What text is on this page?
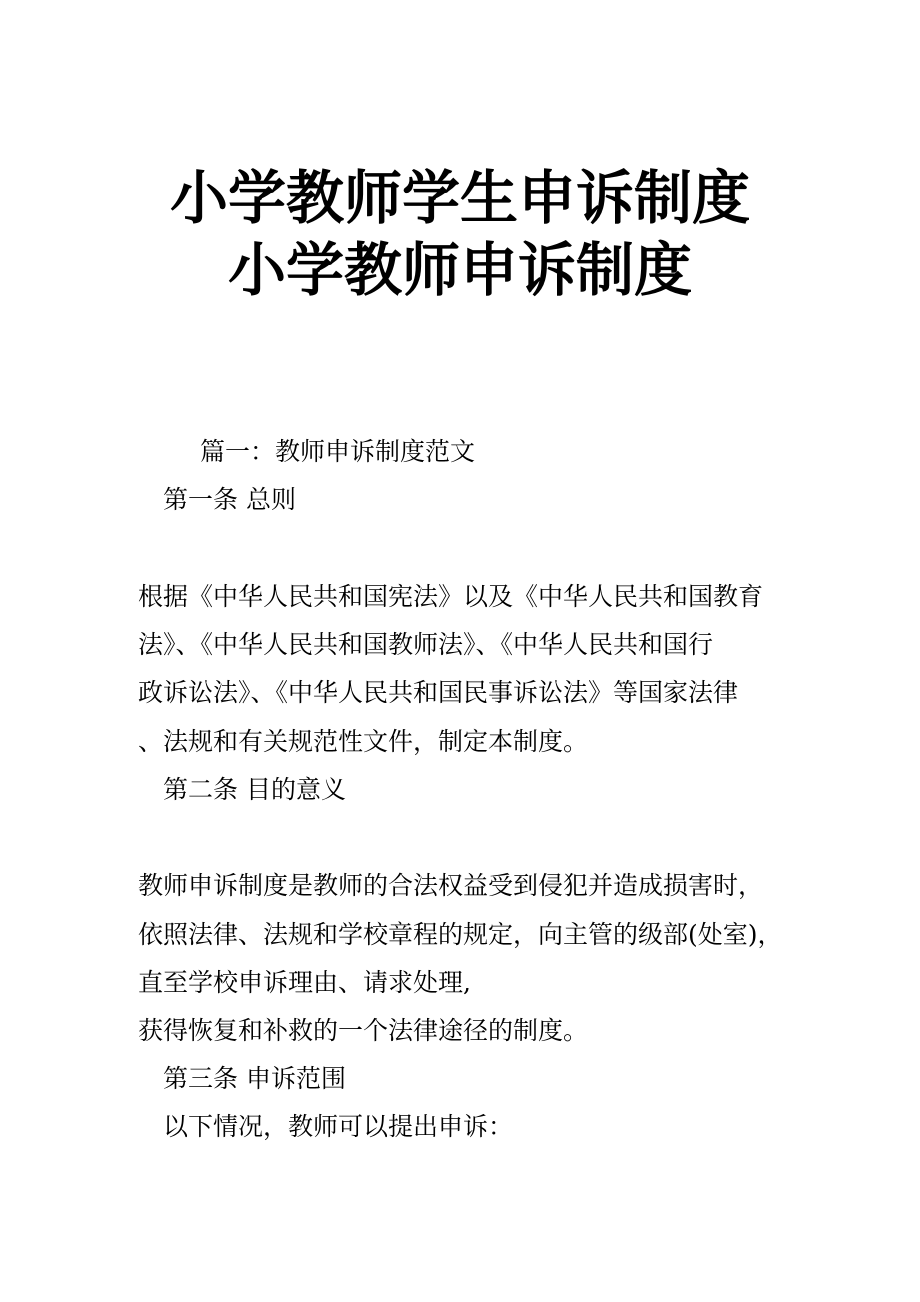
小学教师学生申诉制度
小学教师申诉制度
篇一：教师申诉制度范文
第一条 总则
根据《中华人民共和国宪法》以及《中华人民共和国教育
法》、《中华人民共和国教师法》、《中华人民共和国行
政诉讼法》、《中华人民共和国民事诉讼法》等国家法律
、法规和有关规范性文件，制定本制度。
第二条 目的意义
教师申诉制度是教师的合法权益受到侵犯并造成损害时，
依照法律、法规和学校章程的规定，向主管的级部(处室)，
直至学校申诉理由、请求处理,
获得恢复和补救的一个法律途径的制度。
第三条 申诉范围
以下情况，教师可以提出申诉：
